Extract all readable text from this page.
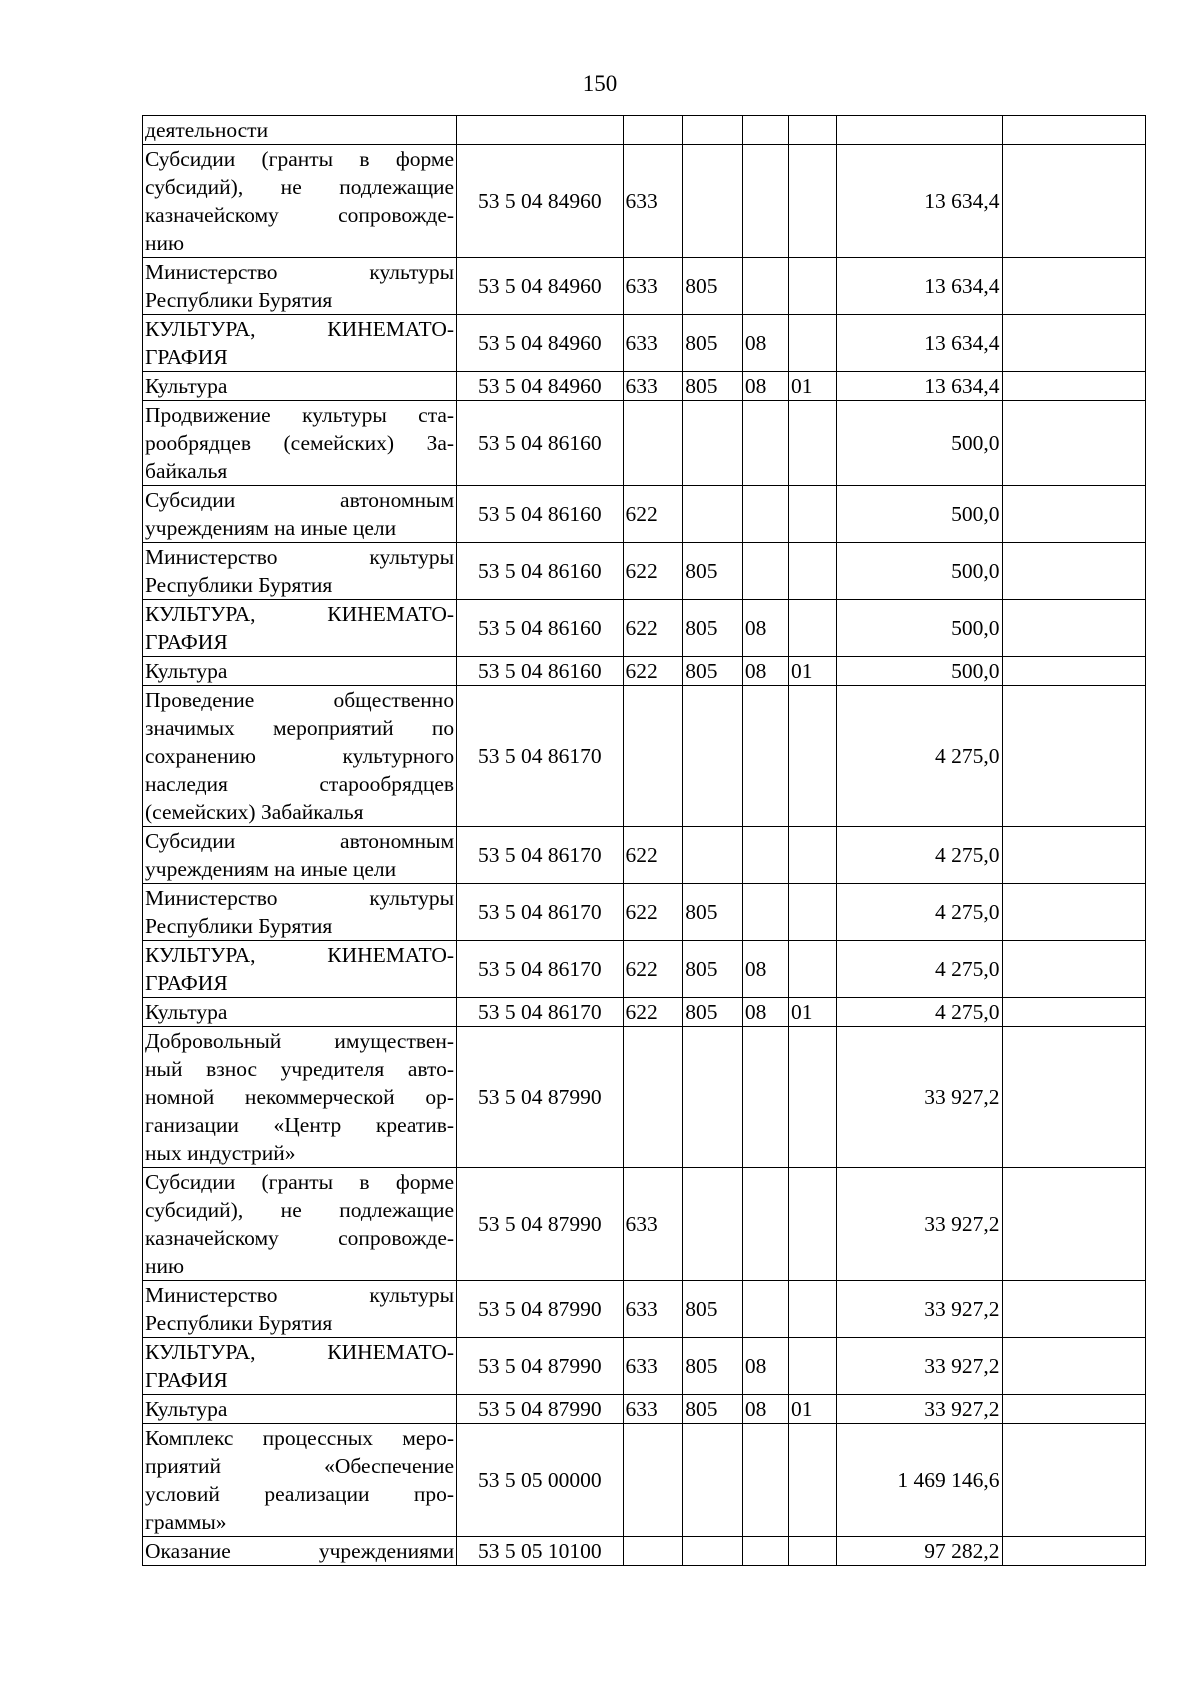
150
деятельности							

Субсидии (гранты в форме
субсидий), не подлежащие
казначейскому сопровожде-
нию	53 5 04 84960	633				13 634,4	

Министерство культуры
Республики Бурятия	53 5 04 84960	633	805			13 634,4	

КУЛЬТУРА, КИНЕМАТО-
ГРАФИЯ	53 5 04 84960	633	805	08		13 634,4	

Культура	53 5 04 84960	633	805	08	01	13 634,4	

Продвижение культуры ста-
рообрядцев (семейских) За-
байкалья	53 5 04 86160					500,0	

Субсидии автономным
учреждениям на иные цели	53 5 04 86160	622				500,0	

Министерство культуры
Республики Бурятия	53 5 04 86160	622	805			500,0	

КУЛЬТУРА, КИНЕМАТО-
ГРАФИЯ	53 5 04 86160	622	805	08		500,0	

Культура	53 5 04 86160	622	805	08	01	500,0	

Проведение общественно
значимых мероприятий по
сохранению культурного
наследия старообрядцев
(семейских) Забайкалья	53 5 04 86170					4 275,0	

Субсидии автономным
учреждениям на иные цели	53 5 04 86170	622				4 275,0	

Министерство культуры
Республики Бурятия	53 5 04 86170	622	805			4 275,0	

КУЛЬТУРА, КИНЕМАТО-
ГРАФИЯ	53 5 04 86170	622	805	08		4 275,0	

Культура	53 5 04 86170	622	805	08	01	4 275,0	

Добровольный имуществен-
ный взнос учредителя авто-
номной некоммерческой ор-
ганизации «Центр креатив-
ных индустрий»	53 5 04 87990					33 927,2	

Субсидии (гранты в форме
субсидий), не подлежащие
казначейскому сопровожде-
нию	53 5 04 87990	633				33 927,2	

Министерство культуры
Республики Бурятия	53 5 04 87990	633	805			33 927,2	

КУЛЬТУРА, КИНЕМАТО-
ГРАФИЯ	53 5 04 87990	633	805	08		33 927,2	

Культура	53 5 04 87990	633	805	08	01	33 927,2	

Комплекс процессных меро-
приятий «Обеспечение
условий реализации про-
граммы»	53 5 05 00000					1 469 146,6	

Оказание учреждениями	53 5 05 10100					97 282,2	
